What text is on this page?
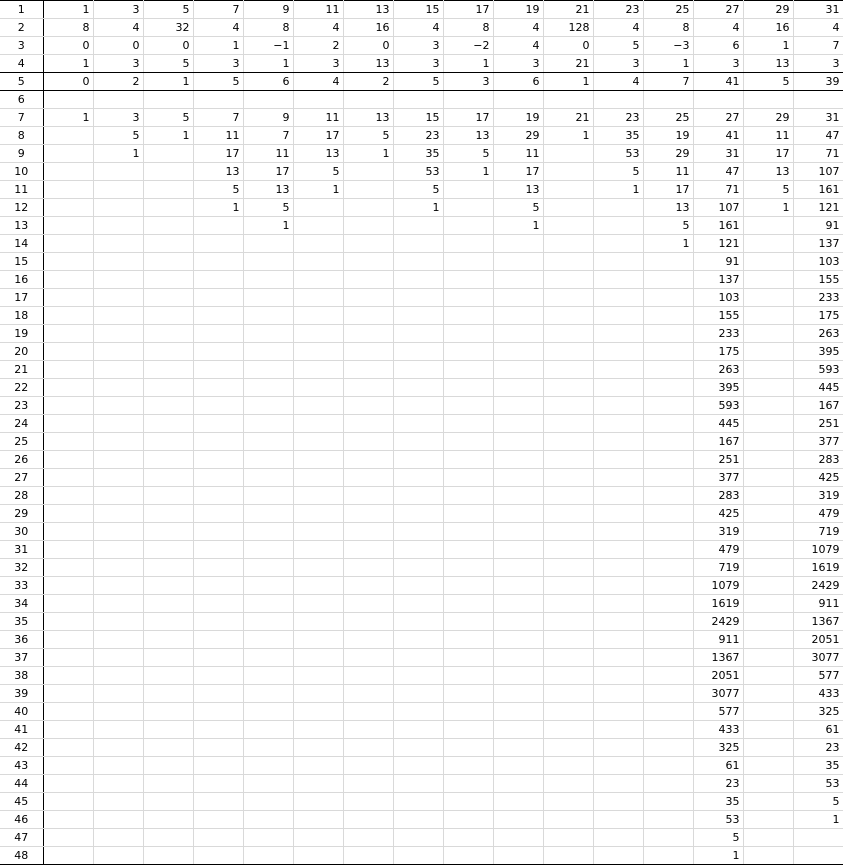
1	1	3	5	7	9	11	13	15	17	19	21	23	25	27	29	31
2	8	4	32	4	8	4	16	4	8	4	128	4	8	4	16	4
3	0	0	0	1	−1	2	0	3	−2	4	0	5	−3	6	1	7
4	1	3	5	3	1	3	13	3	1	3	21	3	1	3	13	3
5	0	2	1	5	6	4	2	5	3	6	1	4	7	41	5	39
6																
7	1	3	5	7	9	11	13	15	17	19	21	23	25	27	29	31
8		5	1	11	7	17	5	23	13	29	1	35	19	41	11	47
9		1		17	11	13	1	35	5	11		53	29	31	17	71
10				13	17	5		53	1	17		5	11	47	13	107
11				5	13	1		5		13		1	17	71	5	161
12				1	5			1		5			13	107	1	121
13					1					1			5	161		91
14													1	121		137
15														91		103
16														137		155
17														103		233
18														155		175
19														233		263
20														175		395
21														263		593
22														395		445
23														593		167
24														445		251
25														167		377
26														251		283
27														377		425
28														283		319
29														425		479
30														319		719
31														479		1079
32														719		1619
33														1079		2429
34														1619		911
35														2429		1367
36														911		2051
37														1367		3077
38														2051		577
39														3077		433
40														577		325
41														433		61
42														325		23
43														61		35
44														23		53
45														35		5
46														53		1
47														5		
48														1		
